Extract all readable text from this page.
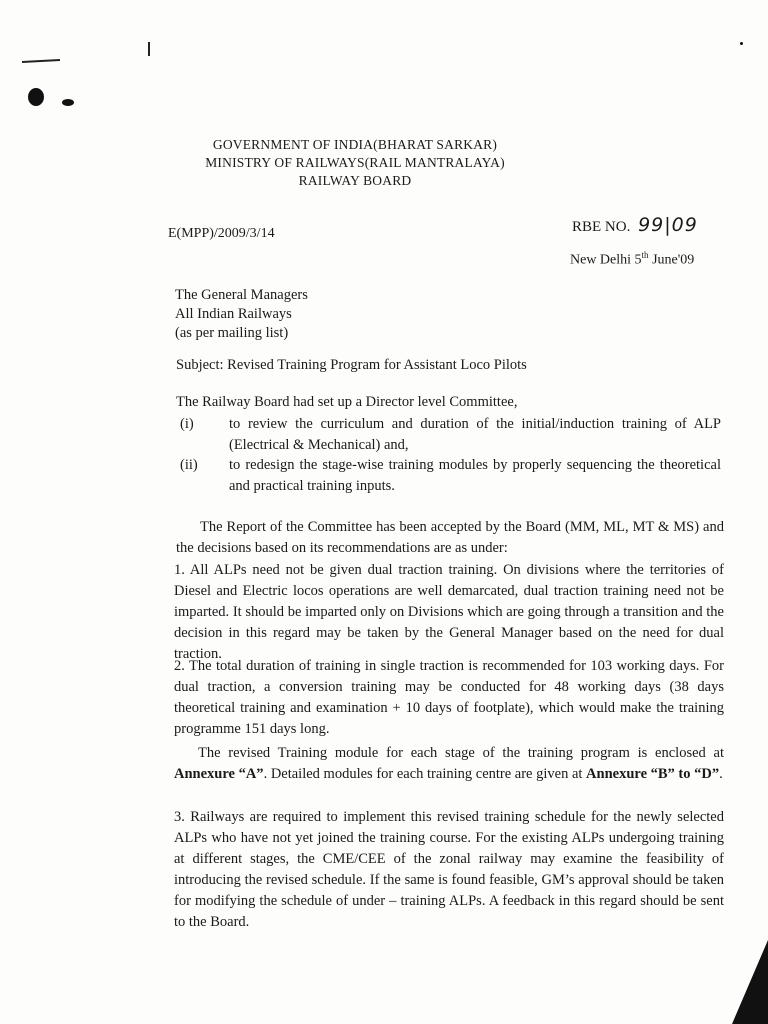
GOVERNMENT OF INDIA(BHARAT SARKAR)
MINISTRY OF RAILWAYS(RAIL MANTRALAYA)
RAILWAY BOARD
E(MPP)/2009/3/14	RBE NO. 99|09
New Delhi 5th June'09
The General Managers
All Indian Railways
(as per mailing list)
Subject: Revised Training Program for Assistant Loco Pilots
The Railway Board had set up a Director level Committee,
(i) to review the curriculum and duration of the initial/induction training of ALP (Electrical & Mechanical) and,
(ii) to redesign the stage-wise training modules by properly sequencing the theoretical and practical training inputs.
The Report of the Committee has been accepted by the Board (MM, ML, MT & MS) and the decisions based on its recommendations are as under:
1. All ALPs need not be given dual traction training. On divisions where the territories of Diesel and Electric locos operations are well demarcated, dual traction training need not be imparted. It should be imparted only on Divisions which are going through a transition and the decision in this regard may be taken by the General Manager based on the need for dual traction.
2. The total duration of training in single traction is recommended for 103 working days. For dual traction, a conversion training may be conducted for 48 working days (38 days theoretical training and examination + 10 days of footplate), which would make the training programme 151 days long.
The revised Training module for each stage of the training program is enclosed at Annexure “A”. Detailed modules for each training centre are given at Annexure “B” to “D”.
3. Railways are required to implement this revised training schedule for the newly selected ALPs who have not yet joined the training course. For the existing ALPs undergoing training at different stages, the CME/CEE of the zonal railway may examine the feasibility of introducing the revised schedule. If the same is found feasible, GM’s approval should be taken for modifying the schedule of under – training ALPs. A feedback in this regard should be sent to the Board.
